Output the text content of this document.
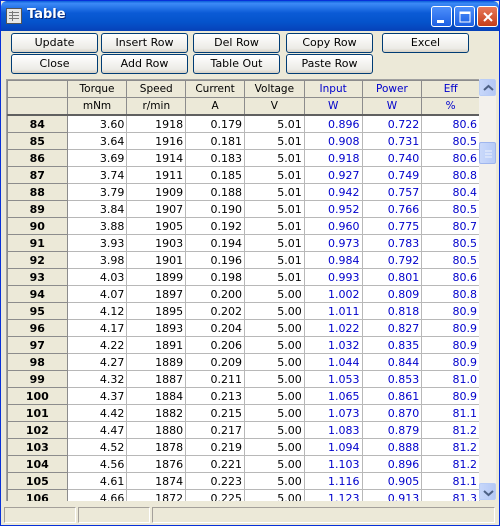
Table
Update
Close
Insert Row
Add Row
Del Row
Table Out
Copy Row
Paste Row
Excel
	Torque	Speed	Current	Voltage	Input	Power	Eff
	mNm	r/min	A	V	W	W	%
84	3.60	1918	0.179	5.01	0.896	0.722	80.6
85	3.64	1916	0.181	5.01	0.908	0.731	80.5
86	3.69	1914	0.183	5.01	0.918	0.740	80.6
87	3.74	1911	0.185	5.01	0.927	0.749	80.8
88	3.79	1909	0.188	5.01	0.942	0.757	80.4
89	3.84	1907	0.190	5.01	0.952	0.766	80.5
90	3.88	1905	0.192	5.01	0.960	0.775	80.7
91	3.93	1903	0.194	5.01	0.973	0.783	80.5
92	3.98	1901	0.196	5.01	0.984	0.792	80.5
93	4.03	1899	0.198	5.01	0.993	0.801	80.6
94	4.07	1897	0.200	5.00	1.002	0.809	80.8
95	4.12	1895	0.202	5.00	1.011	0.818	80.9
96	4.17	1893	0.204	5.00	1.022	0.827	80.9
97	4.22	1891	0.206	5.00	1.032	0.835	80.9
98	4.27	1889	0.209	5.00	1.044	0.844	80.9
99	4.32	1887	0.211	5.00	1.053	0.853	81.0
100	4.37	1884	0.213	5.00	1.065	0.861	80.9
101	4.42	1882	0.215	5.00	1.073	0.870	81.1
102	4.47	1880	0.217	5.00	1.083	0.879	81.2
103	4.52	1878	0.219	5.00	1.094	0.888	81.2
104	4.56	1876	0.221	5.00	1.103	0.896	81.2
105	4.61	1874	0.223	5.00	1.116	0.905	81.1
106	4.66	1872	0.225	5.00	1.123	0.913	81.3
